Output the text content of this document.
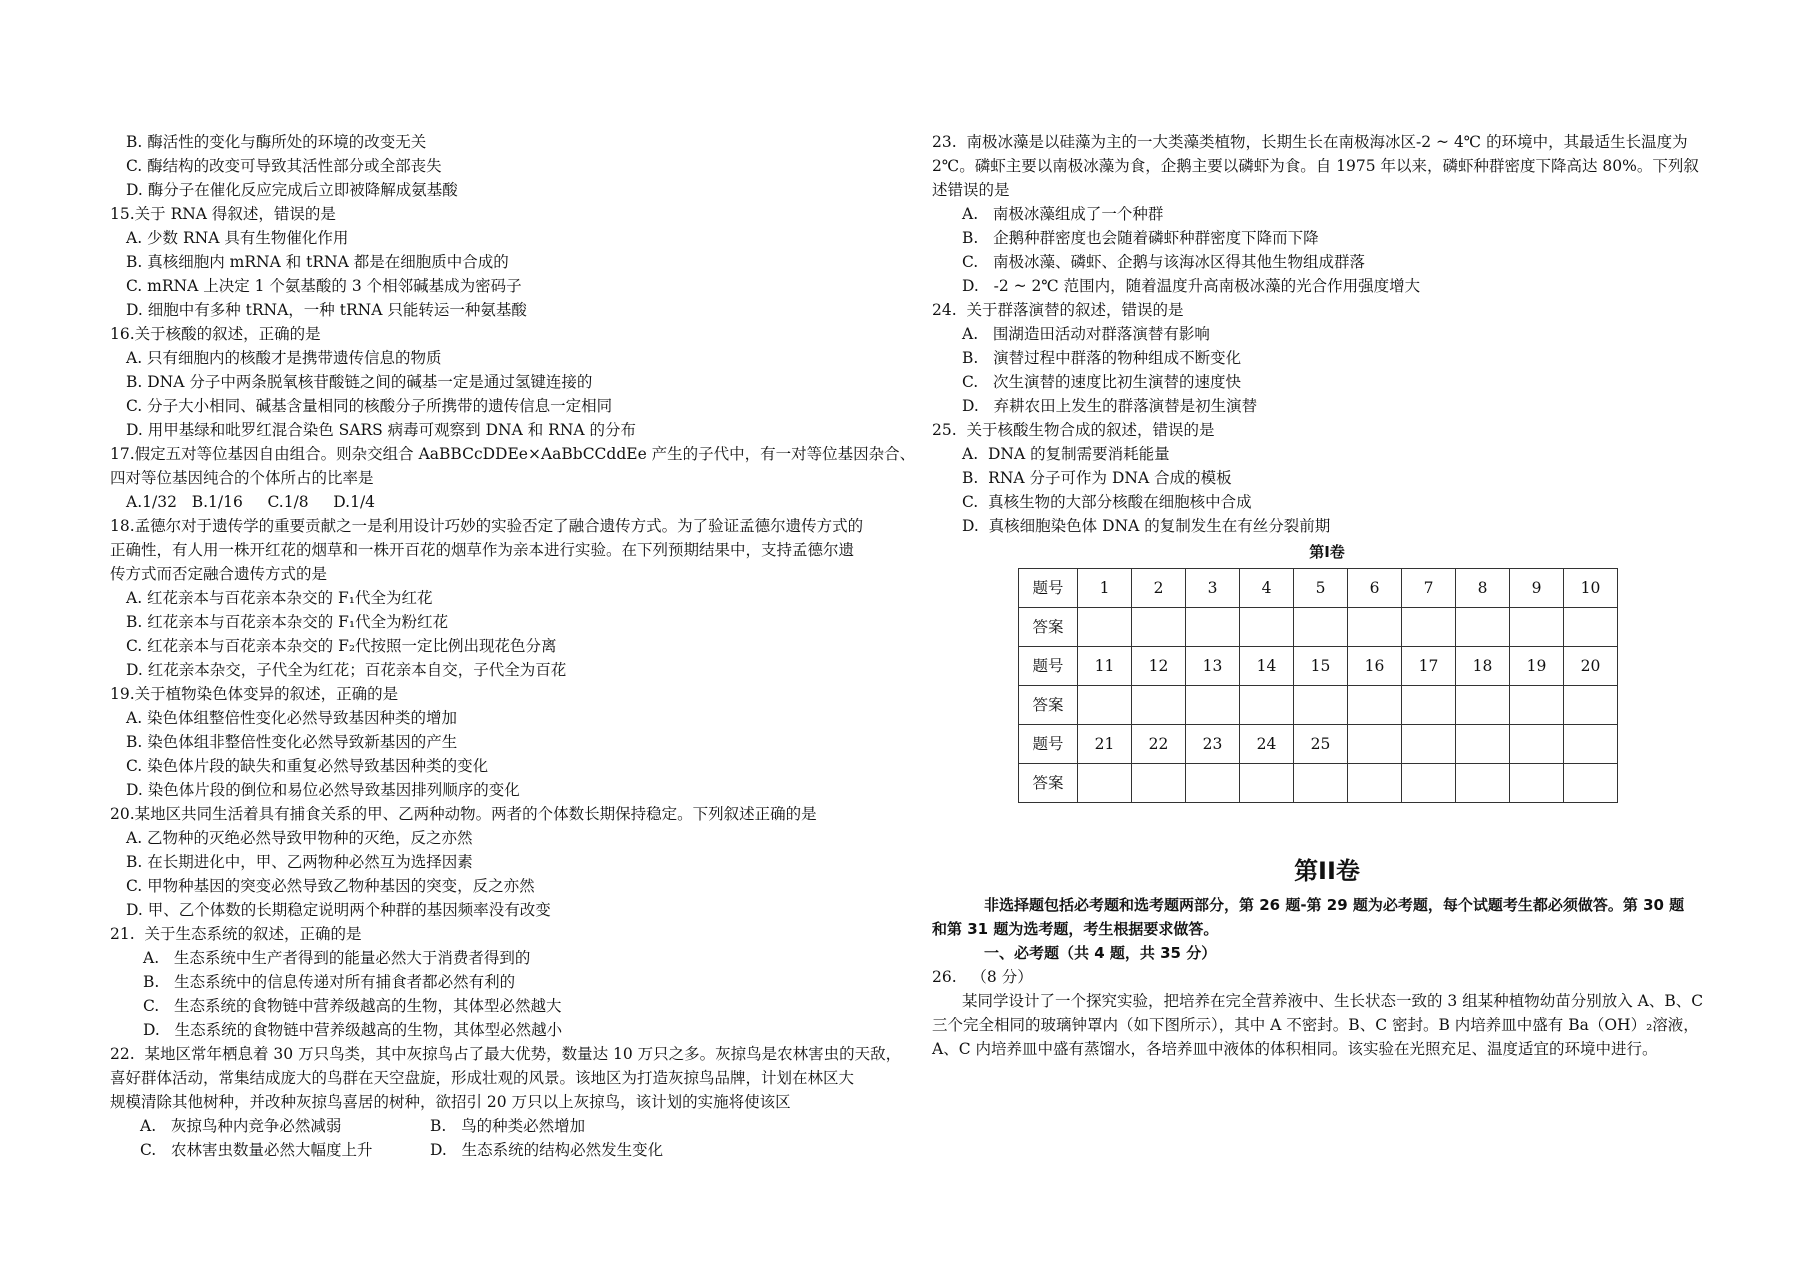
B. 酶活性的变化与酶所处的环境的改变无关
C. 酶结构的改变可导致其活性部分或全部丧失
D. 酶分子在催化反应完成后立即被降解成氨基酸
15.关于 RNA 得叙述，错误的是
A. 少数 RNA 具有生物催化作用
B. 真核细胞内 mRNA 和 tRNA 都是在细胞质中合成的
C. mRNA 上决定 1 个氨基酸的 3 个相邻碱基成为密码子
D. 细胞中有多种 tRNA，一种 tRNA 只能转运一种氨基酸
16.关于核酸的叙述，正确的是
A. 只有细胞内的核酸才是携带遗传信息的物质
B. DNA 分子中两条脱氧核苷酸链之间的碱基一定是通过氢键连接的
C. 分子大小相同、碱基含量相同的核酸分子所携带的遗传信息一定相同
D. 用甲基绿和吡罗红混合染色 SARS 病毒可观察到 DNA 和 RNA 的分布
17.假定五对等位基因自由组合。则杂交组合 AaBBCcDDEe×AaBbCCddEe 产生的子代中，有一对等位基因杂合、
四对等位基因纯合的个体所占的比率是
A.1/32   B.1/16     C.1/8     D.1/4
18.孟德尔对于遗传学的重要贡献之一是利用设计巧妙的实验否定了融合遗传方式。为了验证孟德尔遗传方式的
正确性，有人用一株开红花的烟草和一株开百花的烟草作为亲本进行实验。在下列预期结果中，支持孟德尔遗
传方式而否定融合遗传方式的是
A. 红花亲本与百花亲本杂交的 F₁代全为红花
B. 红花亲本与百花亲本杂交的 F₁代全为粉红花
C. 红花亲本与百花亲本杂交的 F₂代按照一定比例出现花色分离
D. 红花亲本杂交，子代全为红花；百花亲本自交，子代全为百花
19.关于植物染色体变异的叙述，正确的是
A. 染色体组整倍性变化必然导致基因种类的增加
B. 染色体组非整倍性变化必然导致新基因的产生
C. 染色体片段的缺失和重复必然导致基因种类的变化
D. 染色体片段的倒位和易位必然导致基因排列顺序的变化
20.某地区共同生活着具有捕食关系的甲、乙两种动物。两者的个体数长期保持稳定。下列叙述正确的是
A. 乙物种的灭绝必然导致甲物种的灭绝，反之亦然
B. 在长期进化中，甲、乙两物种必然互为选择因素
C. 甲物种基因的突变必然导致乙物种基因的突变，反之亦然
D. 甲、乙个体数的长期稳定说明两个种群的基因频率没有改变
21.  关于生态系统的叙述，正确的是
A.   生态系统中生产者得到的能量必然大于消费者得到的
B.   生态系统中的信息传递对所有捕食者都必然有利的
C.   生态系统的食物链中营养级越高的生物，其体型必然越大
D.   生态系统的食物链中营养级越高的生物，其体型必然越小
22.  某地区常年栖息着 30 万只鸟类，其中灰掠鸟占了最大优势，数量达 10 万只之多。灰掠鸟是农林害虫的天敌，
喜好群体活动，常集结成庞大的鸟群在天空盘旋，形成壮观的风景。该地区为打造灰掠鸟品牌，计划在林区大
规模清除其他树种，并改种灰掠鸟喜居的树种，欲招引 20 万只以上灰掠鸟，该计划的实施将使该区
A.   灰掠鸟种内竞争必然减弱	B.   鸟的种类必然增加
C.   农林害虫数量必然大幅度上升	D.   生态系统的结构必然发生变化
23.  南极冰藻是以硅藻为主的一大类藻类植物，长期生长在南极海冰区-2 ~ 4℃ 的环境中，其最适生长温度为
2℃。磷虾主要以南极冰藻为食，企鹅主要以磷虾为食。自 1975 年以来，磷虾种群密度下降高达 80%。下列叙
述错误的是
A.   南极冰藻组成了一个种群
B.   企鹅种群密度也会随着磷虾种群密度下降而下降
C.   南极冰藻、磷虾、企鹅与该海冰区得其他生物组成群落
D.   -2 ~ 2℃ 范围内，随着温度升高南极冰藻的光合作用强度增大
24.  关于群落演替的叙述，错误的是
A.   围湖造田活动对群落演替有影响
B.   演替过程中群落的物种组成不断变化
C.   次生演替的速度比初生演替的速度快
D.   弃耕农田上发生的群落演替是初生演替
25.  关于核酸生物合成的叙述，错误的是
A.  DNA 的复制需要消耗能量
B.  RNA 分子可作为 DNA 合成的模板
C.  真核生物的大部分核酸在细胞核中合成
D.  真核细胞染色体 DNA 的复制发生在有丝分裂前期
第Ⅰ卷
题号	1	2	3	4	5	6	7	8	9	10
答案										
题号	11	12	13	14	15	16	17	18	19	20
答案										
题号	21	22	23	24	25					
答案										
第II卷
非选择题包括必考题和选考题两部分，第 26 题-第 29 题为必考题，每个试题考生都必须做答。第 30 题
和第 31 题为选考题，考生根据要求做答。
一、必考题（共 4 题，共 35 分）
26.   （8 分）
某同学设计了一个探究实验，把培养在完全营养液中、生长状态一致的 3 组某种植物幼苗分别放入 A、B、C
三个完全相同的玻璃钟罩内（如下图所示），其中 A 不密封。B、C 密封。B 内培养皿中盛有 Ba（OH）₂溶液，
A、C 内培养皿中盛有蒸馏水，各培养皿中液体的体积相同。该实验在光照充足、温度适宜的环境中进行。
